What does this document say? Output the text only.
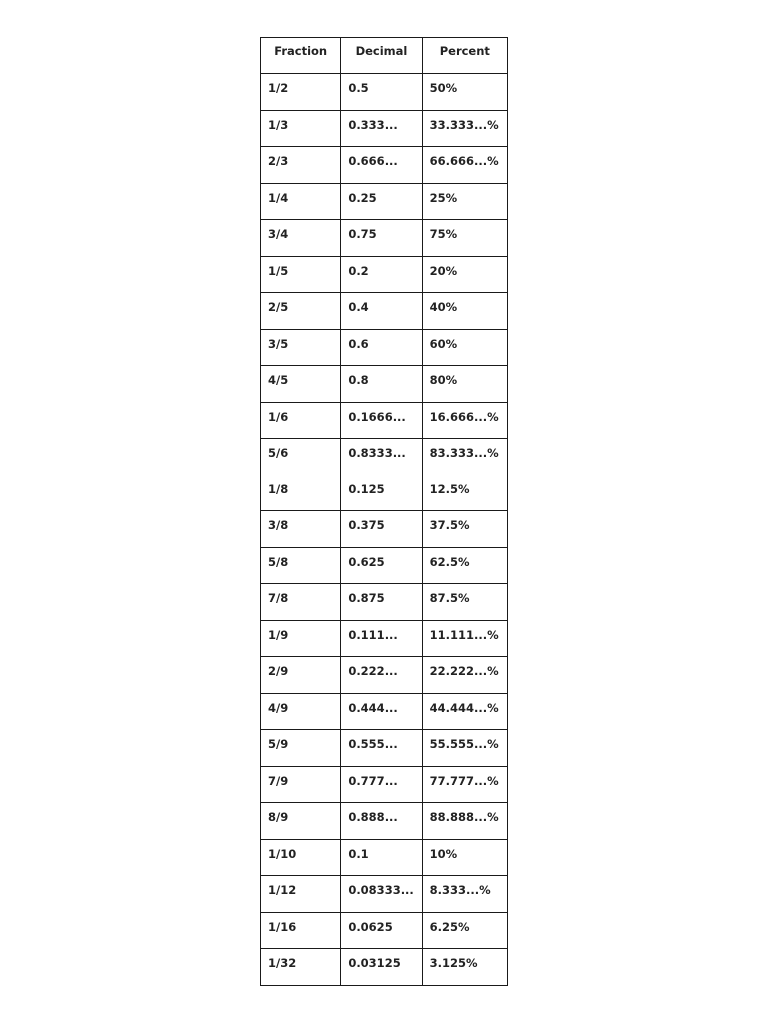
Fraction	Decimal	Percent
1/2	0.5	50%
1/3	0.333...	33.333...%
2/3	0.666...	66.666...%
1/4	0.25	25%
3/4	0.75	75%
1/5	0.2	20%
2/5	0.4	40%
3/5	0.6	60%
4/5	0.8	80%
1/6	0.1666...	16.666...%
5/6	0.8333...	83.333...%
1/8	0.125	12.5%
3/8	0.375	37.5%
5/8	0.625	62.5%
7/8	0.875	87.5%
1/9	0.111...	11.111...%
2/9	0.222...	22.222...%
4/9	0.444...	44.444...%
5/9	0.555...	55.555...%
7/9	0.777...	77.777...%
8/9	0.888...	88.888...%
1/10	0.1	10%
1/12	0.08333...	8.333...%
1/16	0.0625	6.25%
1/32	0.03125	3.125%
